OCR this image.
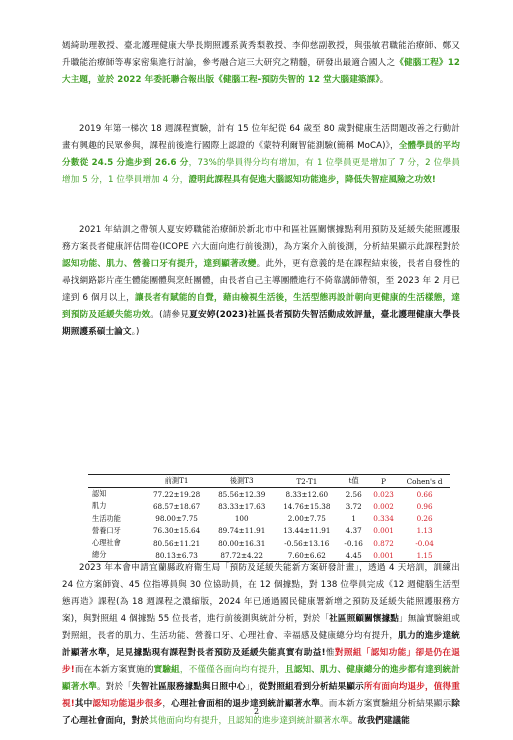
嫣綺助理教授、臺北護理健康大學長期照護系黃秀梨教授、李仰慈副教授，與張敏君職能治療師、鄭又升職能治療師等專家密集進行討論，參考融合這三大研究之精髓，研發出最適合國人之《健腦工程》12 大主題，並於 2022 年委託聯合報出版《健腦工程-預防失智的 12 堂大腦建築課》。

2019 年第一梯次 18 週課程實驗，計有 15 位年紀從 64 歲至 80 歲對健康生活問題改善之行動計畫有興趣的民眾參與，課程前後進行國際上認證的《蒙特利爾智能測驗(簡稱 MoCA)》，全體學員的平均分數從 24.5 分進步到 26.6 分，73%的學員得分均有增加，有 1 位學員更是增加了 7 分，2 位學員增加 5 分，1 位學員增加 4 分，證明此課程具有促進大腦認知功能進步，降低失智症風險之功效!

2021 年結訓之帶領人夏安婷職能治療師於新北市中和區社區關懷據點利用預防及延緩失能照護服務方案長者健康評估問卷(ICOPE 六大面向進行前後測)，為方案介入前後測，分析結果顯示此課程對於認知功能、肌力、營養口牙有提升，達到顯著改變。此外，更有意義的是在課程結束後，長者自發性的尋找網路影片產生體能團體與烹飪團體，由長者自己主導團體進行不倚靠講師帶領，至 2023 年 2 月已達到 6 個月以上，讓長者有賦能的自覺，藉由檢視生活後，生活型態再設計朝向更健康的生活樣態，達到預防及延緩失能功效。(請參見夏安婷(2023)社區長者預防失智活動成效評量，臺北護理健康大學長期照護系碩士論文。)

	前測T1	後測T3	T2-T1	t值	P	Cohen's d
認知	77.22±19.28	85.56±12.39	8.33±12.60	2.56	0.023	0.66
肌力	68.57±18.67	83.33±17.63	14.76±15.38	3.72	0.002	0.96
生活功能	98.00±7.75	100	2.00±7.75	1	0.334	0.26
營養口牙	76.30±15.64	89.74±11.91	13.44±11.91	4.37	0.001	1.13
心理社會	80.56±11.21	80.00±16.31	-0.56±13.16	-0.16	0.872	-0.04
總分	80.13±6.73	87.72±4.22	7.60±6.62	4.45	0.001	1.15

2023 年本會申請宜蘭縣政府衛生局「預防及延緩失能新方案研發計畫」，透過 4 天培訓，訓練出 24 位方案師資、45 位指導員與 30 位協助員，在 12 個據點，對 138 位學員完成《12 週健腦生活型態再造》課程(為 18 週課程之濃縮版，2024 年已通過國民健康署新增之預防及延緩失能照護服務方案)，與對照組 4 個據點 55 位長者，進行前後測與統計分析，對於「社區照顧關懷據點」無論實驗組或對照組，長者的肌力、生活功能、營養口牙、心理社會、幸福感及健康總分均有提升，肌力的進步達統計顯著水準，足見據點現有課程對長者預防及延緩失能真實有助益!惟對照組「認知功能」卻是仍在退步!而在本新方案實施的實驗組，不僅僅各面向均有提升，且認知、肌力、健康總分的進步都有達到統計顯著水準。對於「失智社區服務據點與日照中心」，從對照組看到分析結果顯示所有面向均退步，值得重視!其中認知功能退步很多，心理社會面相的退步達到統計顯著水準。而本新方案實驗組分析結果顯示除了心理社會面向，對於其他面向均有提升，且認知的進步達到統計顯著水準。故我們建議能

2
